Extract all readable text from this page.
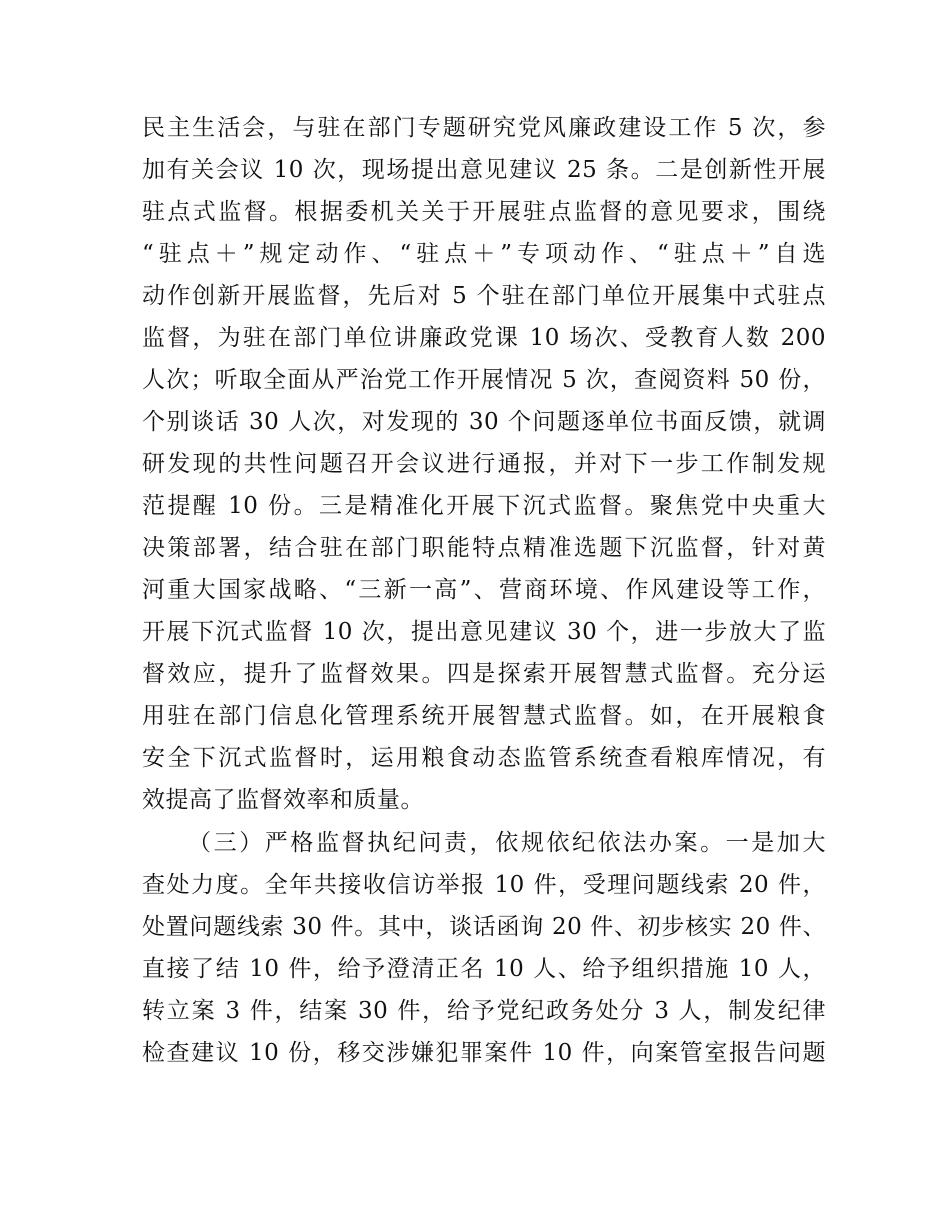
民主生活会，与驻在部门专题研究党风廉政建设工作 5 次，参
加有关会议 10 次，现场提出意见建议 25 条。二是创新性开展
驻点式监督。根据委机关关于开展驻点监督的意见要求，围绕
“驻点＋”规定动作、“驻点＋”专项动作、“驻点＋”自选
动作创新开展监督，先后对 5 个驻在部门单位开展集中式驻点
监督，为驻在部门单位讲廉政党课 10 场次、受教育人数 200
人次；听取全面从严治党工作开展情况 5 次，查阅资料 50 份，
个别谈话 30 人次，对发现的 30 个问题逐单位书面反馈，就调
研发现的共性问题召开会议进行通报，并对下一步工作制发规
范提醒 10 份。三是精准化开展下沉式监督。聚焦党中央重大
决策部署，结合驻在部门职能特点精准选题下沉监督，针对黄
河重大国家战略、“三新一高”、营商环境、作风建设等工作，
开展下沉式监督 10 次，提出意见建议 30 个，进一步放大了监
督效应，提升了监督效果。四是探索开展智慧式监督。充分运
用驻在部门信息化管理系统开展智慧式监督。如，在开展粮食
安全下沉式监督时，运用粮食动态监管系统查看粮库情况，有
效提高了监督效率和质量。
（三）严格监督执纪问责，依规依纪依法办案。一是加大
查处力度。全年共接收信访举报 10 件，受理问题线索 20 件，
处置问题线索 30 件。其中，谈话函询 20 件、初步核实 20 件、
直接了结 10 件，给予澄清正名 10 人、给予组织措施 10 人，
转立案 3 件，结案 30 件，给予党纪政务处分 3 人，制发纪律
检查建议 10 份，移交涉嫌犯罪案件 10 件，向案管室报告问题
